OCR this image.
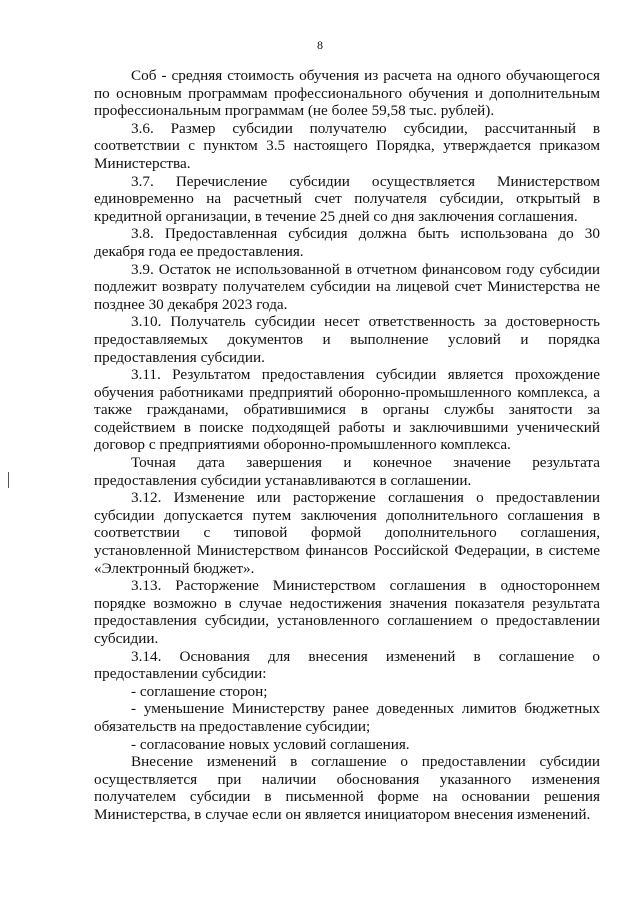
8

Соб - средняя стоимость обучения из расчета на одного обучающегося по основным программам профессионального обучения и дополнительным профессиональным программам (не более 59,58 тыс. рублей).

3.6. Размер субсидии получателю субсидии, рассчитанный в соответствии с пунктом 3.5 настоящего Порядка, утверждается приказом Министерства.

3.7. Перечисление субсидии осуществляется Министерством единовременно на расчетный счет получателя субсидии, открытый в кредитной организации, в течение 25 дней со дня заключения соглашения.

3.8. Предоставленная субсидия должна быть использована до 30 декабря года ее предоставления.

3.9. Остаток не использованной в отчетном финансовом году субсидии подлежит возврату получателем субсидии на лицевой счет Министерства не позднее 30 декабря 2023 года.

3.10. Получатель субсидии несет ответственность за достоверность предоставляемых документов и выполнение условий и порядка предоставления субсидии.

3.11. Результатом предоставления субсидии является прохождение обучения работниками предприятий оборонно-промышленного комплекса, а также гражданами, обратившимися в органы службы занятости за содействием в поиске подходящей работы и заключившими ученический договор с предприятиями оборонно-промышленного комплекса.

Точная дата завершения и конечное значение результата предоставления субсидии устанавливаются в соглашении.

3.12. Изменение или расторжение соглашения о предоставлении субсидии допускается путем заключения дополнительного соглашения в соответствии с типовой формой дополнительного соглашения, установленной Министерством финансов Российской Федерации, в системе «Электронный бюджет».

3.13. Расторжение Министерством соглашения в одностороннем порядке возможно в случае недостижения значения показателя результата предоставления субсидии, установленного соглашением о предоставлении субсидии.

3.14. Основания для внесения изменений в соглашение о предоставлении субсидии:

- соглашение сторон;

- уменьшение Министерству ранее доведенных лимитов бюджетных обязательств на предоставление субсидии;

- согласование новых условий соглашения.

Внесение изменений в соглашение о предоставлении субсидии осуществляется при наличии обоснования указанного изменения получателем субсидии в письменной форме на основании решения Министерства, в случае если он является инициатором внесения изменений.
